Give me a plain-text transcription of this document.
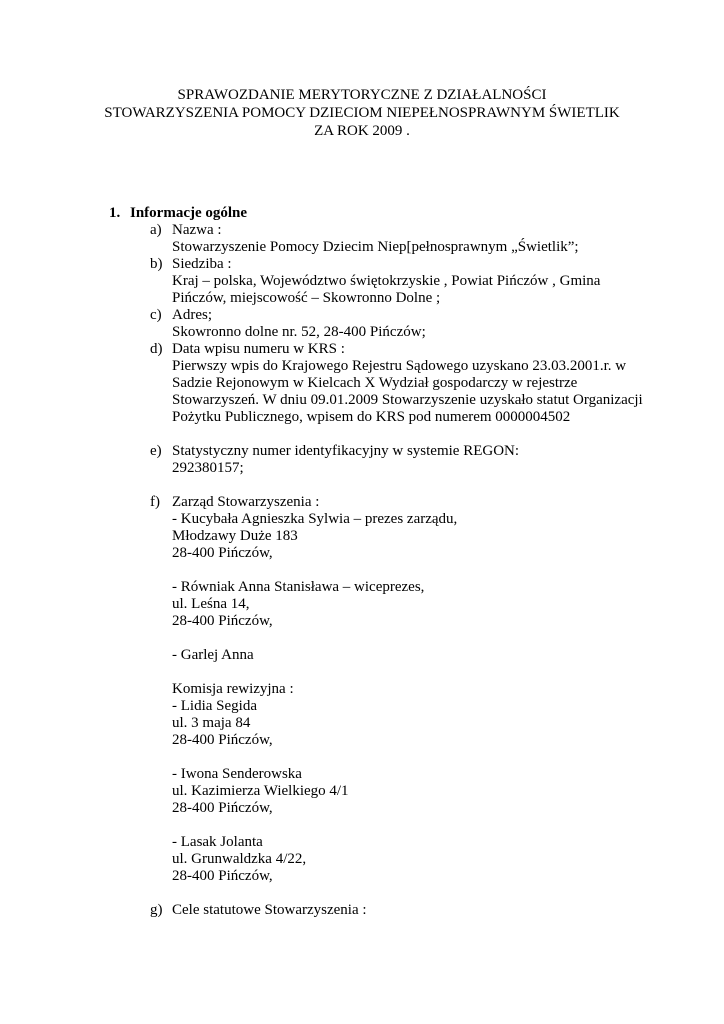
SPRAWOZDANIE MERYTORYCZNE Z DZIAŁALNOŚCI
STOWARZYSZENIA POMOCY DZIECIOM NIEPEŁNOSPRAWNYM ŚWIETLIK
ZA ROK 2009 .
1. Informacje ogólne
a) Nazwa :
Stowarzyszenie Pomocy Dziecim Niep[pełnosprawnym „Świetlik”;
b) Siedziba :
Kraj – polska, Województwo świętokrzyskie , Powiat Pińczów , Gmina
Pińczów, miejscowość – Skowronno Dolne ;
c) Adres;
Skowronno dolne nr. 52, 28-400 Pińczów;
d) Data wpisu numeru w KRS :
Pierwszy wpis do Krajowego Rejestru Sądowego uzyskano 23.03.2001.r. w
Sadzie Rejonowym w Kielcach X Wydział gospodarczy w rejestrze
Stowarzyszeń. W dniu 09.01.2009 Stowarzyszenie uzyskało statut Organizacji
Pożytku Publicznego, wpisem do KRS pod numerem 0000004502
e) Statystyczny numer identyfikacyjny w systemie REGON:
292380157;
f) Zarząd Stowarzyszenia :
- Kucybała Agnieszka Sylwia – prezes zarządu,
Młodzawy Duże 183
28-400 Pińczów,
- Równiak Anna Stanisława – wiceprezes,
ul. Leśna 14,
28-400 Pińczów,
- Garlej Anna
Komisja rewizyjna :
- Lidia Segida
ul. 3 maja 84
28-400 Pińczów,
- Iwona Senderowska
ul. Kazimierza Wielkiego 4/1
28-400 Pińczów,
- Lasak Jolanta
ul. Grunwaldzka 4/22,
28-400 Pińczów,
g) Cele statutowe Stowarzyszenia :
